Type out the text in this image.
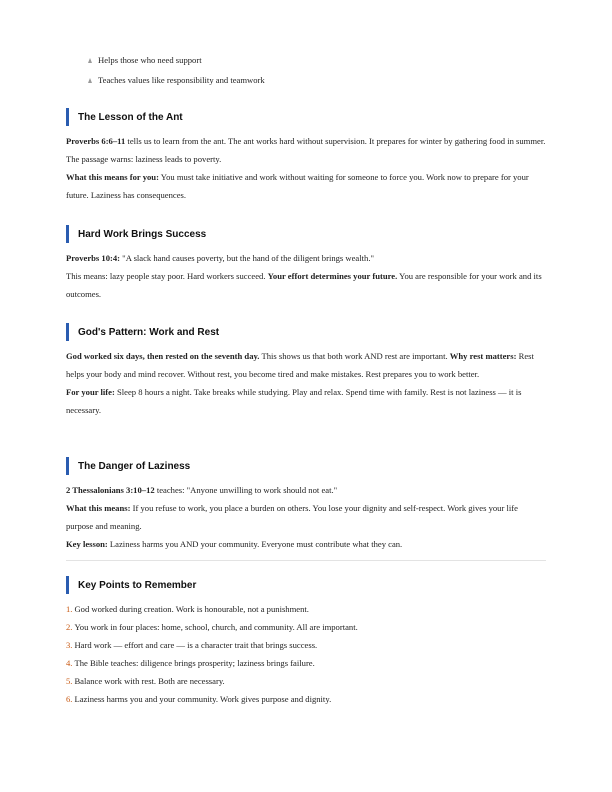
Helps those who need support
Teaches values like responsibility and teamwork
The Lesson of the Ant

Proverbs 6:6–11 tells us to learn from the ant. The ant works hard without supervision. It prepares for winter by gathering food in summer. The passage warns: laziness leads to poverty.

What this means for you: You must take initiative and work without waiting for someone to force you. Work now to prepare for your future. Laziness has consequences.

Hard Work Brings Success

Proverbs 10:4: "A slack hand causes poverty, but the hand of the diligent brings wealth."

This means: lazy people stay poor. Hard workers succeed. Your effort determines your future. You are responsible for your work and its outcomes.

God's Pattern: Work and Rest

God worked six days, then rested on the seventh day. This shows us that both work AND rest are important. Why rest matters: Rest helps your body and mind recover. Without rest, you become tired and make mistakes. Rest prepares you to work better.

For your life: Sleep 8 hours a night. Take breaks while studying. Play and relax. Spend time with family. Rest is not laziness — it is necessary.

The Danger of Laziness

2 Thessalonians 3:10–12 teaches: "Anyone unwilling to work should not eat."

What this means: If you refuse to work, you place a burden on others. You lose your dignity and self-respect. Work gives your life purpose and meaning.

Key lesson: Laziness harms you AND your community. Everyone must contribute what they can.

Key Points to Remember
1. God worked during creation. Work is honourable, not a punishment.
2. You work in four places: home, school, church, and community. All are important.
3. Hard work — effort and care — is a character trait that brings success.
4. The Bible teaches: diligence brings prosperity; laziness brings failure.
5. Balance work with rest. Both are necessary.
6. Laziness harms you and your community. Work gives purpose and dignity.
